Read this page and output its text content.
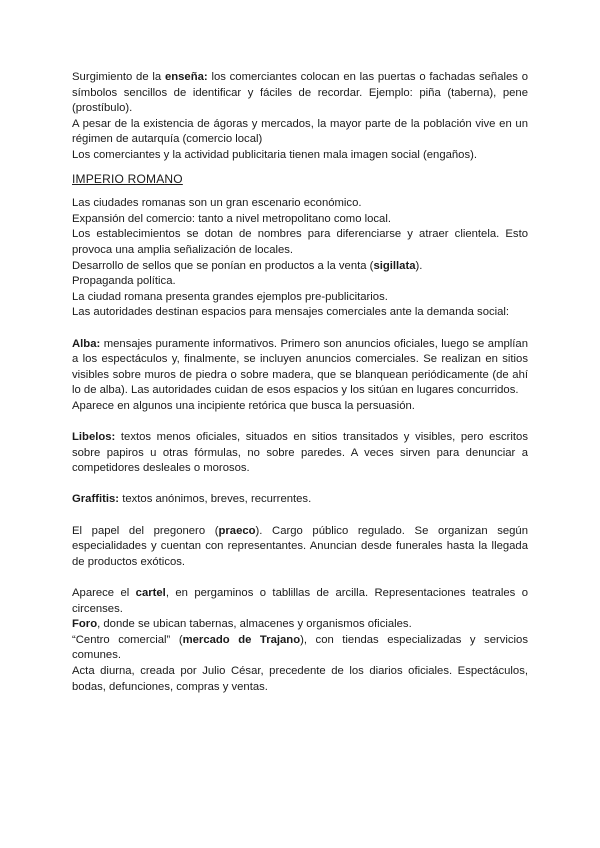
Surgimiento de la enseña: los comerciantes colocan en las puertas o fachadas señales o símbolos sencillos de identificar y fáciles de recordar. Ejemplo: piña (taberna), pene (prostíbulo).

A pesar de la existencia de ágoras y mercados, la mayor parte de la población vive en un régimen de autarquía (comercio local)

Los comerciantes y la actividad publicitaria tienen mala imagen social (engaños).

IMPERIO ROMANO

Las ciudades romanas son un gran escenario económico.

Expansión del comercio: tanto a nivel metropolitano como local.

Los establecimientos se dotan de nombres para diferenciarse y atraer clientela. Esto provoca una amplia señalización de locales.

Desarrollo de sellos que se ponían en productos a la venta (sigillata).

Propaganda política.

La ciudad romana presenta grandes ejemplos pre-publicitarios.

Las autoridades destinan espacios para mensajes comerciales ante la demanda social:

Alba: mensajes puramente informativos. Primero son anuncios oficiales, luego se amplían a los espectáculos y, finalmente, se incluyen anuncios comerciales. Se realizan en sitios visibles sobre muros de piedra o sobre madera, que se blanquean periódicamente (de ahí lo de alba). Las autoridades cuidan de esos espacios y los sitúan en lugares concurridos.

Aparece en algunos una incipiente retórica que busca la persuasión.

Libelos: textos menos oficiales, situados en sitios transitados y visibles, pero escritos sobre papiros u otras fórmulas, no sobre paredes. A veces sirven para denunciar a competidores desleales o morosos.

Graffitis: textos anónimos, breves, recurrentes.

El papel del pregonero (praeco). Cargo público regulado. Se organizan según especialidades y cuentan con representantes. Anuncian desde funerales hasta la llegada de productos exóticos.

Aparece el cartel, en pergaminos o tablillas de arcilla. Representaciones teatrales o circenses.

Foro, donde se ubican tabernas, almacenes y organismos oficiales.

“Centro comercial” (mercado de Trajano), con tiendas especializadas y servicios comunes.

Acta diurna, creada por Julio César, precedente de los diarios oficiales. Espectáculos, bodas, defunciones, compras y ventas.
